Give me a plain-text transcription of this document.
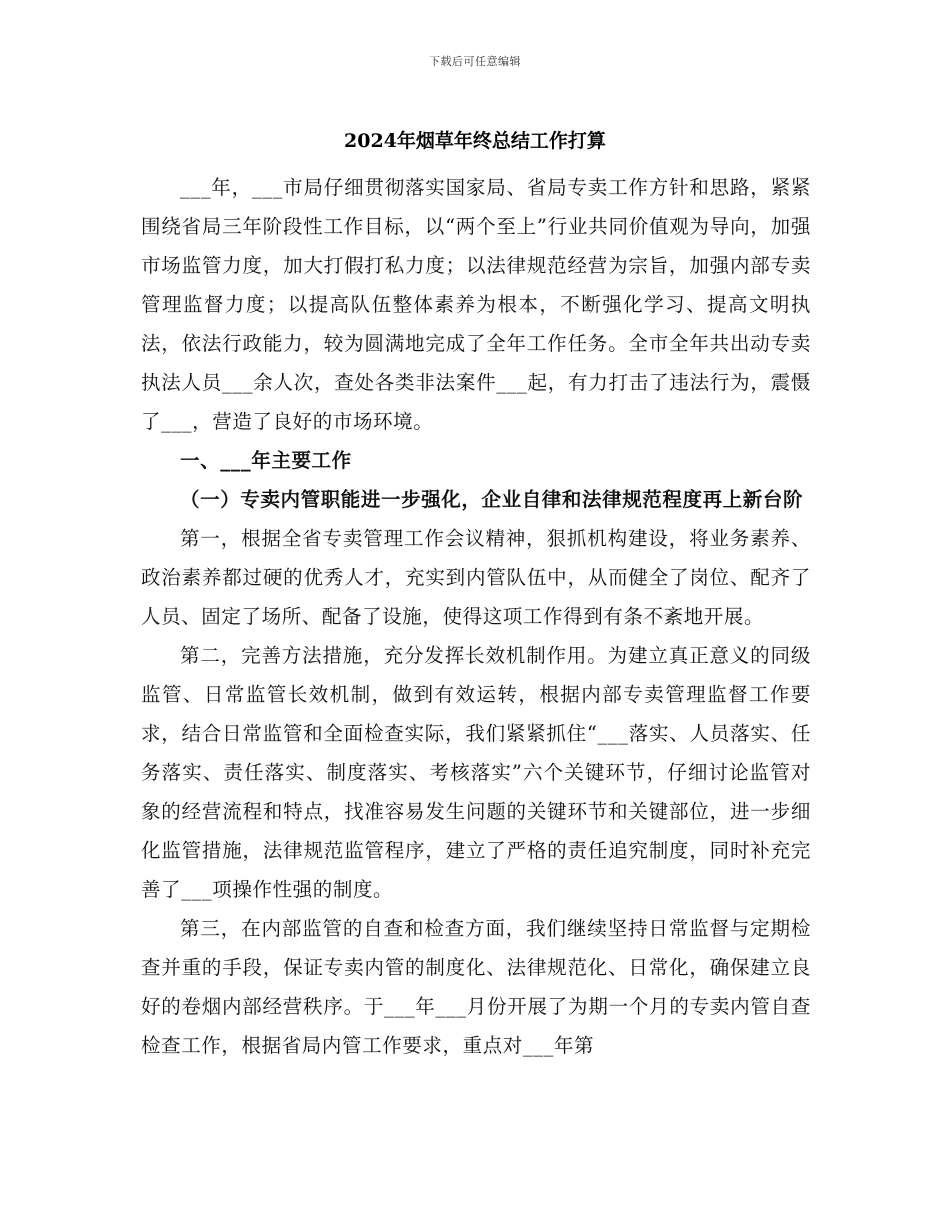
下载后可任意编辑
2024年烟草年终总结工作打算

___年，___市局仔细贯彻落实国家局、省局专卖工作方针和思路，紧紧围绕省局三年阶段性工作目标，以“两个至上”行业共同价值观为导向，加强市场监管力度，加大打假打私力度；以法律规范经营为宗旨，加强内部专卖管理监督力度；以提高队伍整体素养为根本，不断强化学习、提高文明执法，依法行政能力，较为圆满地完成了全年工作任务。全市全年共出动专卖执法人员___余人次，查处各类非法案件___起，有力打击了违法行为，震慑了___，营造了良好的市场环境。

一、___年主要工作

（一）专卖内管职能进一步强化，企业自律和法律规范程度再上新台阶

第一，根据全省专卖管理工作会议精神，狠抓机构建设，将业务素养、政治素养都过硬的优秀人才，充实到内管队伍中，从而健全了岗位、配齐了人员、固定了场所、配备了设施，使得这项工作得到有条不紊地开展。

第二，完善方法措施，充分发挥长效机制作用。为建立真正意义的同级监管、日常监管长效机制，做到有效运转，根据内部专卖管理监督工作要求，结合日常监管和全面检查实际，我们紧紧抓住“___落实、人员落实、任务落实、责任落实、制度落实、考核落实”六个关键环节，仔细讨论监管对象的经营流程和特点，找准容易发生问题的关键环节和关键部位，进一步细化监管措施，法律规范监管程序，建立了严格的责任追究制度，同时补充完善了___项操作性强的制度。

第三，在内部监管的自查和检查方面，我们继续坚持日常监督与定期检查并重的手段，保证专卖内管的制度化、法律规范化、日常化，确保建立良好的卷烟内部经营秩序。于___年___月份开展了为期一个月的专卖内管自查检查工作，根据省局内管工作要求，重点对___年第
